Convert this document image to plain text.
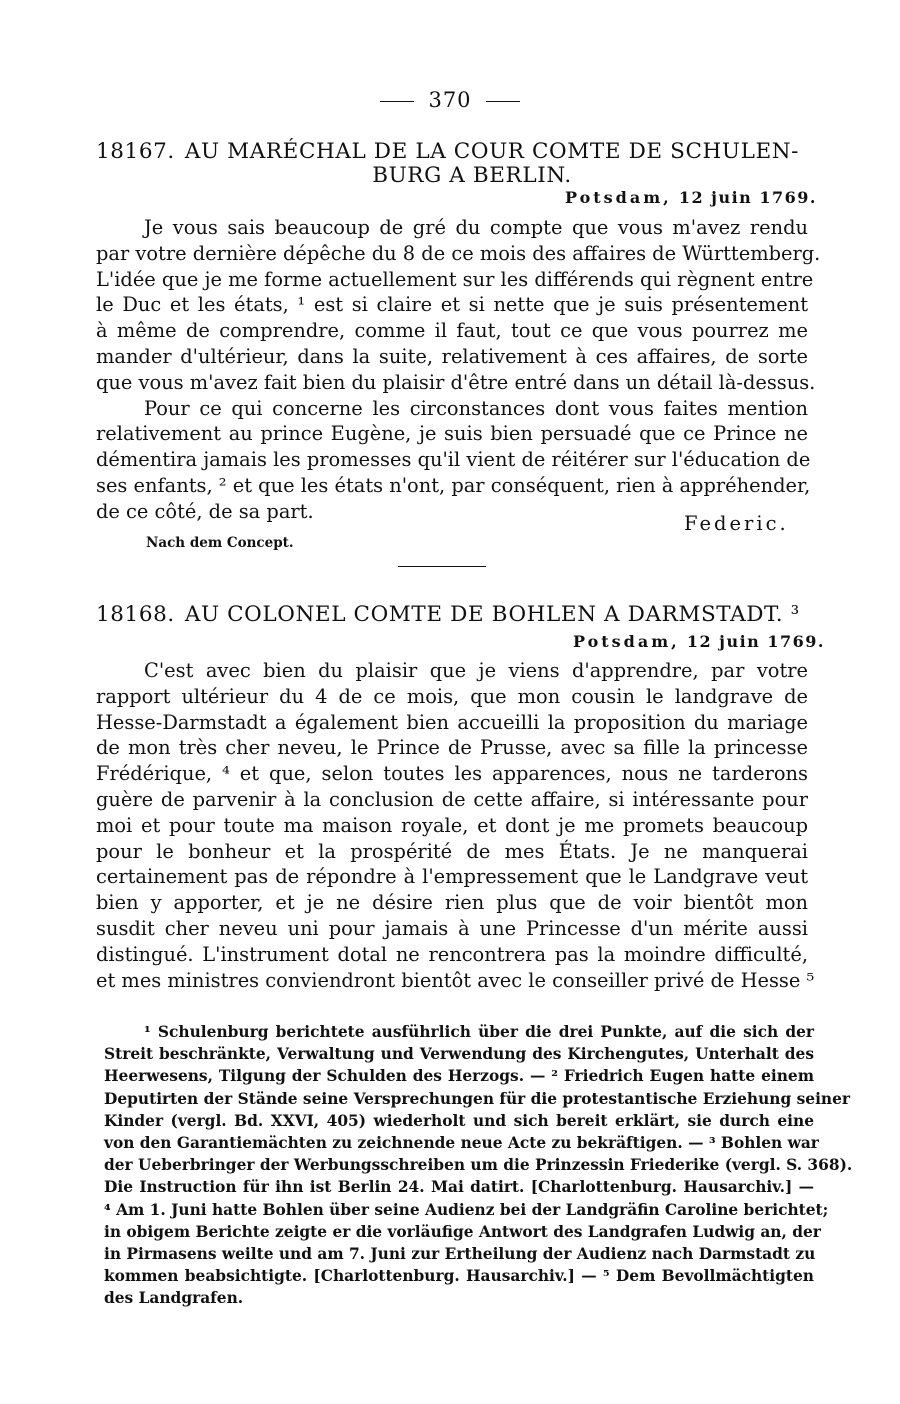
370
18167. AU MARÉCHAL DE LA COUR COMTE DE SCHULEN-
BURG A BERLIN.
Potsdam, 12 juin 1769.
Je vous sais beaucoup de gré du compte que vous m'avez rendu
par votre dernière dépêche du 8 de ce mois des affaires de Württemberg.
L'idée que je me forme actuellement sur les différends qui règnent entre
le Duc et les états, ¹ est si claire et si nette que je suis présentement
à même de comprendre, comme il faut, tout ce que vous pourrez me
mander d'ultérieur, dans la suite, relativement à ces affaires, de sorte
que vous m'avez fait bien du plaisir d'être entré dans un détail là-dessus.
Pour ce qui concerne les circonstances dont vous faites mention
relativement au prince Eugène, je suis bien persuadé que ce Prince ne
démentira jamais les promesses qu'il vient de réitérer sur l'éducation de
ses enfants, ² et que les états n'ont, par conséquent, rien à appréhender,
de ce côté, de sa part.
Federic.
Nach dem Concept.
18168. AU COLONEL COMTE DE BOHLEN A DARMSTADT. ³
Potsdam, 12 juin 1769.
C'est avec bien du plaisir que je viens d'apprendre, par votre
rapport ultérieur du 4 de ce mois, que mon cousin le landgrave de
Hesse-Darmstadt a également bien accueilli la proposition du mariage
de mon très cher neveu, le Prince de Prusse, avec sa fille la princesse
Frédérique, ⁴ et que, selon toutes les apparences, nous ne tarderons
guère de parvenir à la conclusion de cette affaire, si intéressante pour
moi et pour toute ma maison royale, et dont je me promets beaucoup
pour le bonheur et la prospérité de mes États. Je ne manquerai
certainement pas de répondre à l'empressement que le Landgrave veut
bien y apporter, et je ne désire rien plus que de voir bientôt mon
susdit cher neveu uni pour jamais à une Princesse d'un mérite aussi
distingué. L'instrument dotal ne rencontrera pas la moindre difficulté,
et mes ministres conviendront bientôt avec le conseiller privé de Hesse ⁵
¹ Schulenburg berichtete ausführlich über die drei Punkte, auf die sich der
Streit beschränkte, Verwaltung und Verwendung des Kirchengutes, Unterhalt des
Heerwesens, Tilgung der Schulden des Herzogs. — ² Friedrich Eugen hatte einem
Deputirten der Stände seine Versprechungen für die protestantische Erziehung seiner
Kinder (vergl. Bd. XXVI, 405) wiederholt und sich bereit erklärt, sie durch eine
von den Garantiemächten zu zeichnende neue Acte zu bekräftigen. — ³ Bohlen war
der Ueberbringer der Werbungsschreiben um die Prinzessin Friederike (vergl. S. 368).
Die Instruction für ihn ist Berlin 24. Mai datirt. [Charlottenburg. Hausarchiv.] —
⁴ Am 1. Juni hatte Bohlen über seine Audienz bei der Landgräfin Caroline berichtet;
in obigem Berichte zeigte er die vorläufige Antwort des Landgrafen Ludwig an, der
in Pirmasens weilte und am 7. Juni zur Ertheilung der Audienz nach Darmstadt zu
kommen beabsichtigte. [Charlottenburg. Hausarchiv.] — ⁵ Dem Bevollmächtigten
des Landgrafen.
